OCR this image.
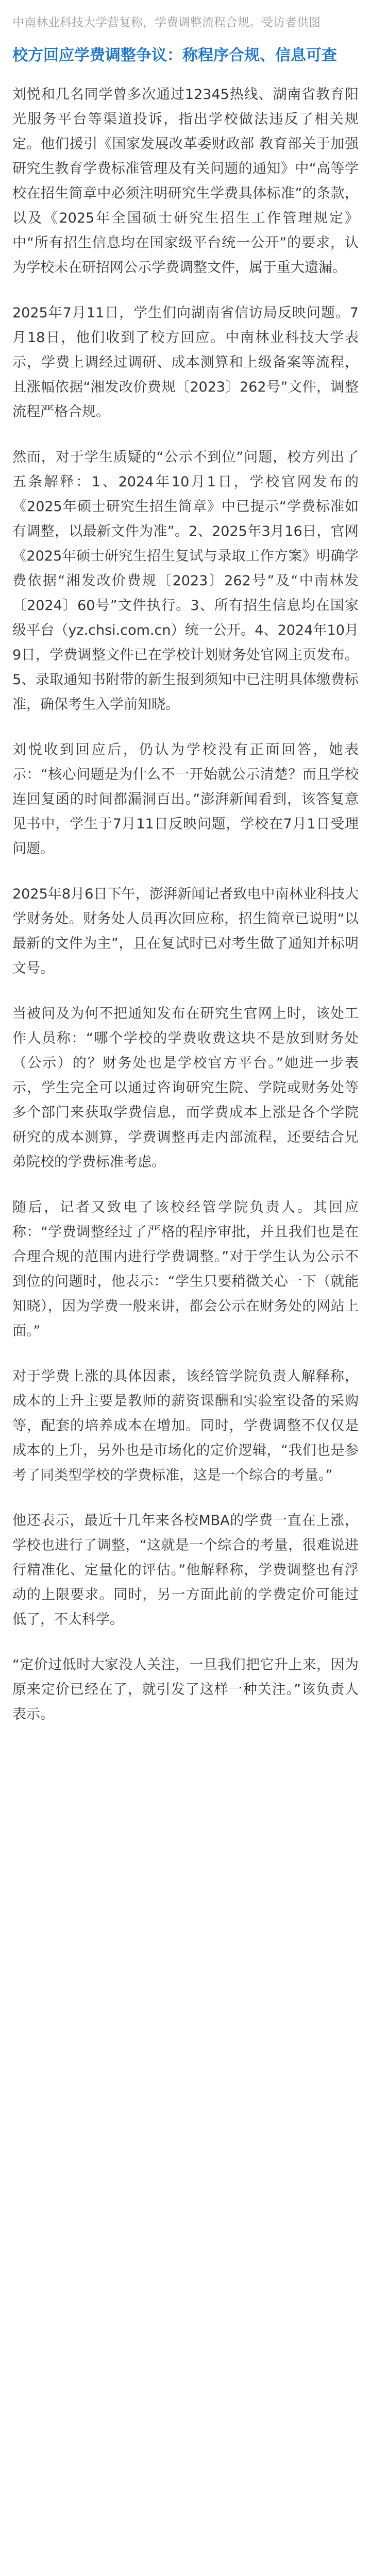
中南林业科技大学营复称，学费调整流程合规。受访者供图
校方回应学费调整争议：称程序合规、信息可查

刘悦和几名同学曾多次通过12345热线、湖南省教育阳光服务平台等渠道投诉，指出学校做法违反了相关规定。他们援引《国家发展改革委财政部 教育部关于加强研究生教育学费标准管理及有关问题的通知》中“高等学校在招生简章中必须注明研究生学费具体标准”的条款，以及《2025年全国硕士研究生招生工作管理规定》中“所有招生信息均在国家级平台统一公开”的要求，认为学校未在研招网公示学费调整文件，属于重大遗漏。

2025年7月11日，学生们向湖南省信访局反映问题。7月18日，他们收到了校方回应。中南林业科技大学表示，学费上调经过调研、成本测算和上级备案等流程，且涨幅依据“湘发改价费规〔2023〕262号”文件，调整流程严格合规。

然而，对于学生质疑的“公示不到位”问题，校方列出了五条解释：1、2024年10月1日，学校官网发布的《2025年硕士研究生招生简章》中已提示“学费标准如有调整，以最新文件为准”。2、2025年3月16日，官网《2025年硕士研究生招生复试与录取工作方案》明确学费依据“湘发改价费规〔2023〕262号”及“中南林发〔2024〕60号”文件执行。3、所有招生信息均在国家级平台（yz.chsi.com.cn）统一公开。4、2024年10月9日，学费调整文件已在学校计划财务处官网主页发布。5、录取通知书附带的新生报到须知中已注明具体缴费标准，确保考生入学前知晓。

刘悦收到回应后，仍认为学校没有正面回答，她表示：“核心问题是为什么不一开始就公示清楚？而且学校连回复函的时间都漏洞百出。”澎湃新闻看到，该答复意见书中，学生于7月11日反映问题，学校在7月1日受理问题。

2025年8月6日下午，澎湃新闻记者致电中南林业科技大学财务处。财务处人员再次回应称，招生简章已说明“以最新的文件为主”，且在复试时已对考生做了通知并标明文号。

当被问及为何不把通知发布在研究生官网上时，该处工作人员称：“哪个学校的学费收费这块不是放到财务处（公示）的？财务处也是学校官方平台。”她进一步表示，学生完全可以通过咨询研究生院、学院或财务处等多个部门来获取学费信息，而学费成本上涨是各个学院研究的成本测算，学费调整再走内部流程，还要结合兄弟院校的学费标准考虑。

随后，记者又致电了该校经管学院负责人。其回应称：“学费调整经过了严格的程序审批，并且我们也是在合理合规的范围内进行学费调整。”对于学生认为公示不到位的问题时，他表示：“学生只要稍微关心一下（就能知晓），因为学费一般来讲，都会公示在财务处的网站上面。”

对于学费上涨的具体因素，该经管学院负责人解释称，成本的上升主要是教师的薪资课酬和实验室设备的采购等，配套的培养成本在增加。同时，学费调整不仅仅是成本的上升，另外也是市场化的定价逻辑，“我们也是参考了同类型学校的学费标准，这是一个综合的考量。”

他还表示，最近十几年来各校MBA的学费一直在上涨，学校也进行了调整，“这就是一个综合的考量，很难说进行精准化、定量化的评估。”他解释称，学费调整也有浮动的上限要求。同时，另一方面此前的学费定价可能过低了，不太科学。

“定价过低时大家没人关注，一旦我们把它升上来，因为原来定价已经在了，就引发了这样一种关注。”该负责人表示。
